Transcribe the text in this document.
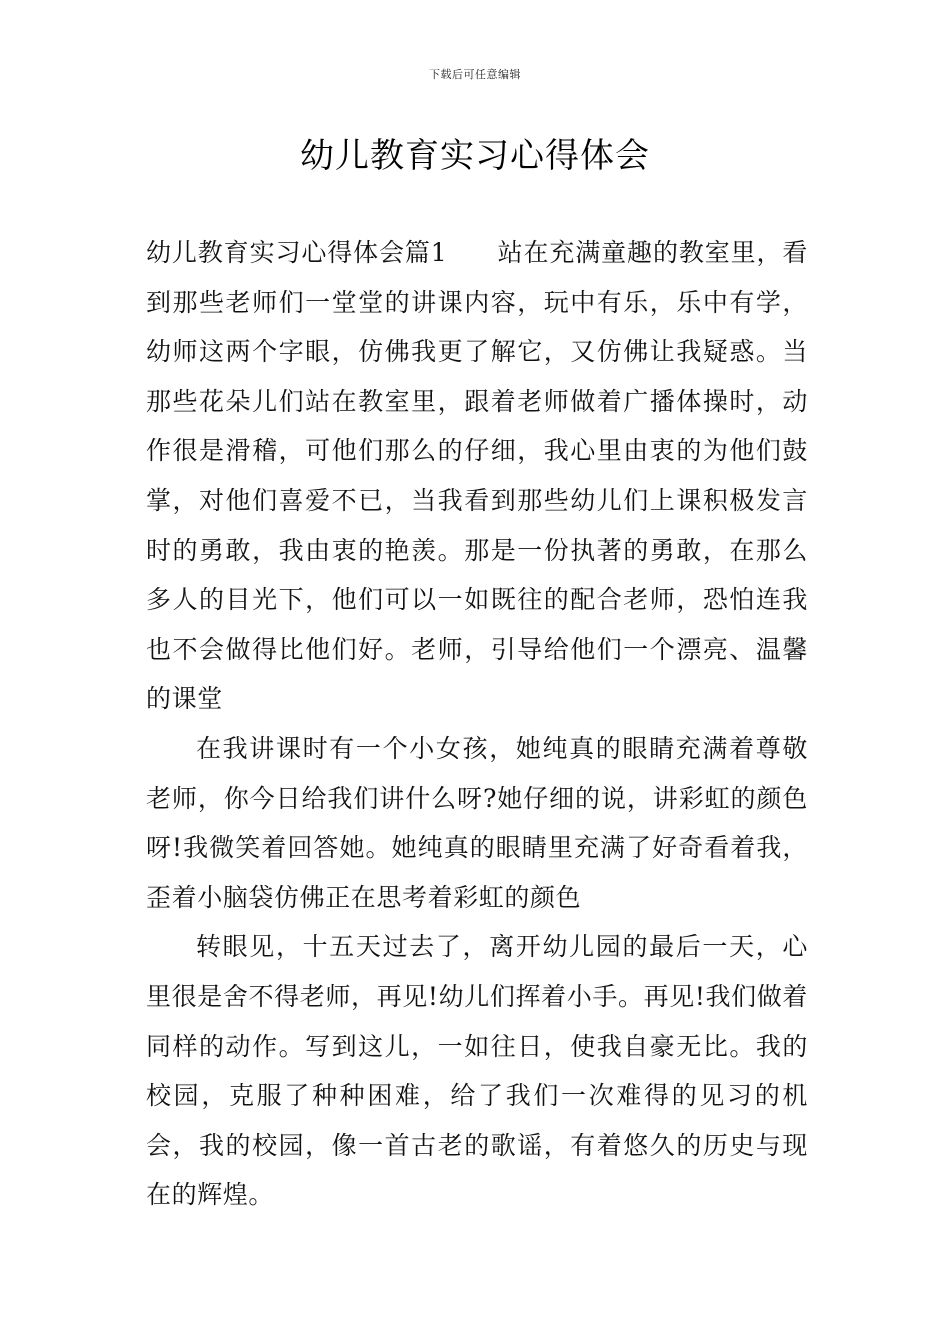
下载后可任意编辑
幼儿教育实习心得体会

幼儿教育实习心得体会篇1 站在充满童趣的教室里，看到那些老师们一堂堂的讲课内容，玩中有乐，乐中有学，幼师这两个字眼，仿佛我更了解它，又仿佛让我疑惑。当那些花朵儿们站在教室里，跟着老师做着广播体操时，动作很是滑稽，可他们那么的仔细，我心里由衷的为他们鼓掌，对他们喜爱不已，当我看到那些幼儿们上课积极发言时的勇敢，我由衷的艳羡。那是一份执著的勇敢，在那么多人的目光下，他们可以一如既往的配合老师，恐怕连我也不会做得比他们好。老师，引导给他们一个漂亮、温馨的课堂

在我讲课时有一个小女孩，她纯真的眼睛充满着尊敬老师，你今日给我们讲什么呀?她仔细的说，讲彩虹的颜色呀!我微笑着回答她。她纯真的眼睛里充满了好奇看着我，歪着小脑袋仿佛正在思考着彩虹的颜色

转眼见，十五天过去了，离开幼儿园的最后一天，心里很是舍不得老师，再见!幼儿们挥着小手。再见!我们做着同样的动作。写到这儿，一如往日，使我自豪无比。我的校园，克服了种种困难，给了我们一次难得的见习的机会，我的校园，像一首古老的歌谣，有着悠久的历史与现在的辉煌。
